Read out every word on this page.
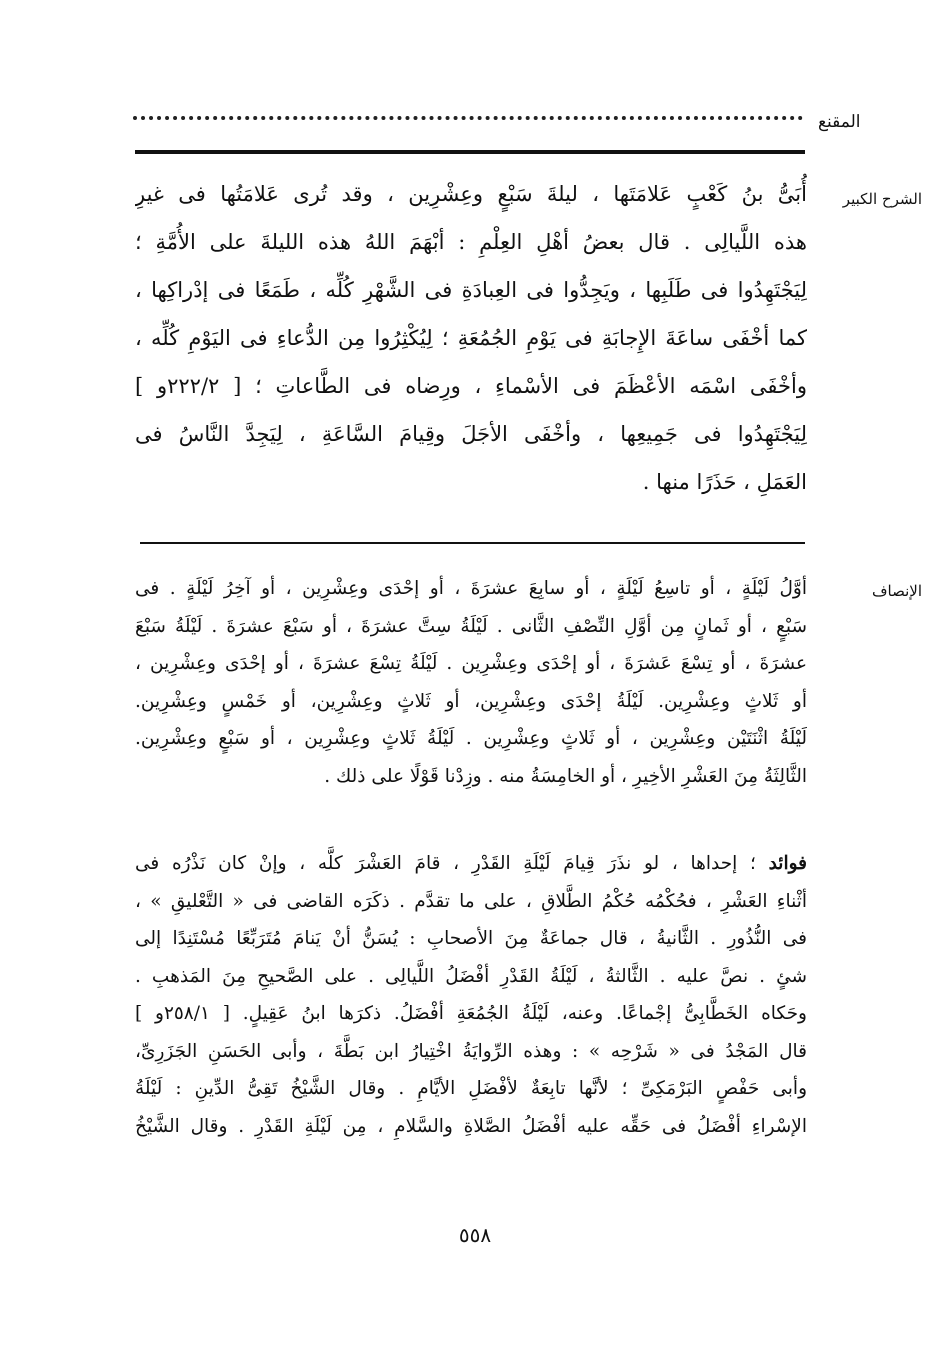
المقنع
الشرح الكبير
أُبَىُّ بنُ كَعْبٍ عَلامَتَها ، ليلةَ سَبْعٍ وعِشْرِين ، وقد تُرى عَلامَتُها فى غيرِ
هذه اللَّيالِى . قال بعضُ أهْلِ العِلْمِ : أبْهَمَ اللهُ هذه الليلةَ على الأُمَّةِ ؛
لِيَجْتَهِدُوا فى طَلَبِها ، ويَجِدُّوا فى العِبادَةِ فى الشَّهْرِ كُلِّه ، طَمَعًا فى إدْراكِها ،
كما أخْفَى ساعَةَ الإِجابَةِ فى يَوْمِ الجُمُعَةِ ؛ لِيُكْثِرُوا مِن الدُّعاءِ فى اليَوْمِ كُلِّه ،
وأخْفَى اسْمَه الأعْظَمَ فى الأسْماءِ ، ورِضاه فى الطَّاعاتِ ؛ [ ٢٢٢/٢و ]
لِيَجْتَهِدُوا فى جَمِيعِها ، وأخْفَى الأجَلَ وقِيامَ السَّاعَةِ ، لِيَجِدَّ النَّاسُ فى
العَمَلِ ، حَذَرًا منها .
الإنصاف
أوَّلُ لَيْلَةٍ ، أو تاسِعُ لَيْلَةٍ ، أو سابِعَ عشرَةَ ، أو إحْدَى وعِشْرِين ، أو آخِرُ لَيْلَةٍ . فى
سَبْعٍ ، أو ثَمانٍ مِن أوَّلِ النِّصْفِ الثَّانى . لَيْلَةُ سِتَّ عشرَةَ ، أو سَبْعَ عشرَةَ . لَيْلَةُ سَبْعَ
عشرَةَ ، أو تِسْعَ عَشرَةَ ، أو إحْدَى وعِشْرِين . لَيْلَةُ تِسْعَ عشرَةَ ، أو إحْدَى وعِشْرِين ،
أو ثَلاثٍ وعِشْرِين. لَيْلَةُ إحْدَى وعِشْرِين، أو ثَلاثٍ وعِشْرِين، أو خَمْسٍ وعِشْرِين.
لَيْلَةُ اثْنَتَيْن وعِشْرِين ، أو ثَلاثٍ وعِشْرِين . لَيْلَةُ ثَلاثٍ وعِشْرِين ، أو سَبْعٍ وعِشْرِين.
الثَّالِثَةُ مِنَ العَشْرِ الأخِيرِ ، أو الخامِسَةُ منه . وزِدْنا قَوْلًا على ذلك .
فوائد ؛ إحداها ، لو نذَرَ قِيامَ لَيْلَةِ القَدْرِ ، قامَ العَشْرَ كلَّه ، وإنْ كان نَذْرُه فى
أثْناءِ العَشْرِ ، فحُكْمُه حُكْمُ الطَّلاقِ ، على ما تقدَّم . ذكَرَه القاضى فى « التَّعْليقِ » ،
فى النُّذُورِ . الثَّانيةُ ، قال جماعَةٌ مِنَ الأصحابِ : يُسَنُّ أنْ يَنامَ مُتَرَبِّعًا مُسْتَنِدًا إلى
شئٍ . نصَّ عليه . الثَّالثةُ ، لَيْلَةُ القَدْرِ أفْضَلُ اللَّيالِى . على الصَّحيحِ مِنَ المَذهبِ .
وحَكاه الخَطَّابِىُّ إجْماعًا. وعنه، لَيْلَةُ الجُمُعَةِ أفْضَلُ. ذكرَها ابنُ عَقِيلٍ. [ ٢٥٨/١و ]
قال المَجْدُ فى « شَرْحِه » : وهذه الرِّوايَةُ اخْتِيارُ ابن بَطَّةَ ، وأبى الحَسَنِ الجَزَرِىِّ،
وأبى حَفْصٍ البَرْمَكِىِّ ؛ لأنَّها تابِعَةٌ لأفْضَلِ الأيَّامِ . وقال الشَّيْخُ تَقِىُّ الدِّينِ : لَيْلَةُ
الإسْراءِ أفْضَلُ فى حَقِّه عليه أفْضَلُ الصَّلاةِ والسَّلامِ ، مِن لَيْلَةِ القَدْرِ . وقال الشَّيْخُ
٥٥٨
